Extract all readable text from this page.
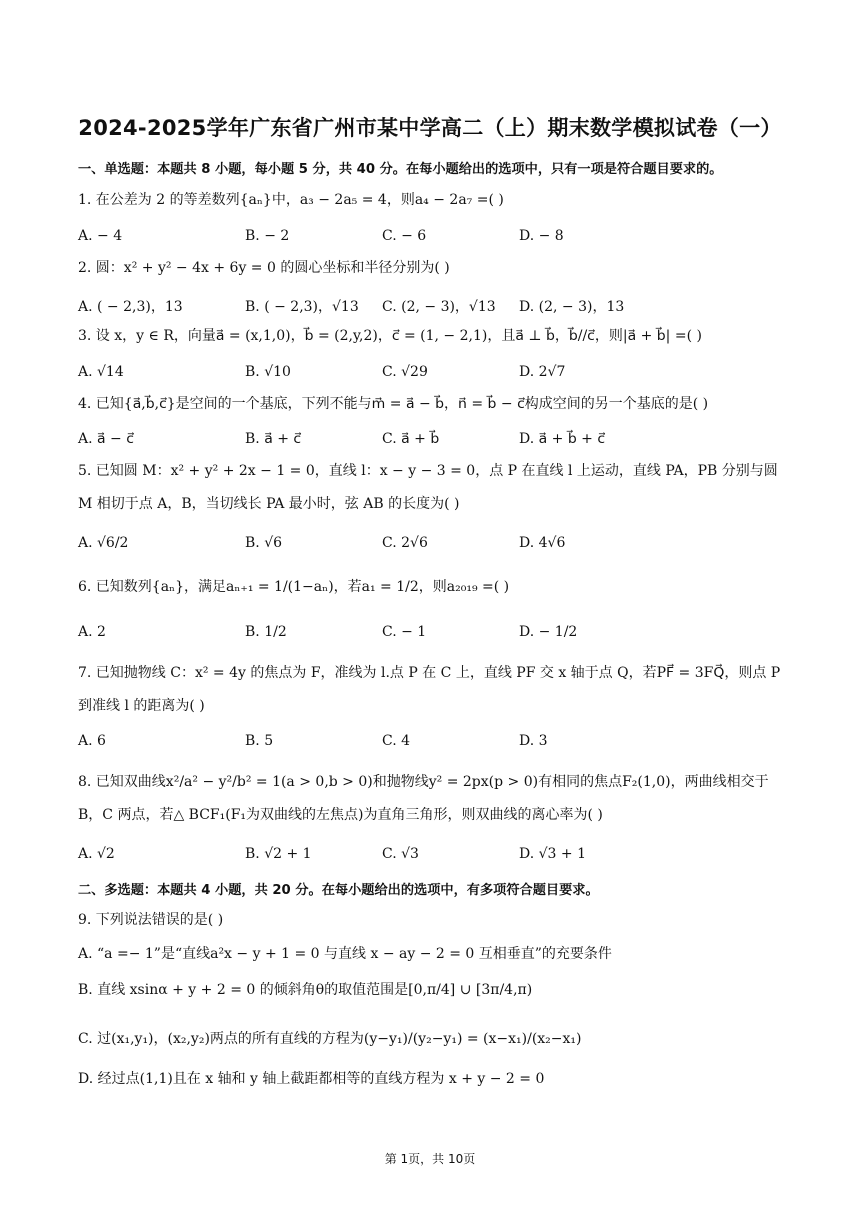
2024-2025学年广东省广州市某中学高二（上）期末数学模拟试卷（一）
一、单选题：本题共 8 小题，每小题 5 分，共 40 分。在每小题给出的选项中，只有一项是符合题目要求的。
1. 在公差为 2 的等差数列{aₙ}中，a₃ − 2a₅ = 4，则a₄ − 2a₇ =( )
A. − 4	B. − 2	C. − 6	D. − 8
2. 圆：x² + y² − 4x + 6y = 0 的圆心坐标和半径分别为( )
A. ( − 2,3)，13	B. ( − 2,3)，√13 C. (2, − 3)，√13 D. (2, − 3)，13
3. 设 x，y ∈ R，向量a⃗ = (x,1,0)，b⃗ = (2,y,2)，c⃗ = (1, − 2,1)，且a⃗ ⊥ b⃗，b⃗//c⃗，则|a⃗ + b⃗| =( )
A. √14	B. √10	C. √29	D. 2√7
4. 已知{a⃗,b⃗,c⃗}是空间的一个基底，下列不能与m⃗ = a⃗ − b⃗，n⃗ = b⃗ − c⃗构成空间的另一个基底的是( )
A. a⃗ − c⃗	B. a⃗ + c⃗	C. a⃗ + b⃗	D. a⃗ + b⃗ + c⃗
5. 已知圆 M：x² + y² + 2x − 1 = 0，直线 l：x − y − 3 = 0，点 P 在直线 l 上运动，直线 PA，PB 分别与圆 M 相切于点 A，B，当切线长 PA 最小时，弦 AB 的长度为( )
A. √6/2	B. √6	C. 2√6	D. 4√6
6. 已知数列{aₙ}，满足aₙ₊₁ = 1/(1−aₙ)，若a₁ = 1/2，则a₂₀₁₉ =( )
A. 2	B. 1/2	C. − 1	D. − 1/2
7. 已知抛物线 C：x² = 4y 的焦点为 F，准线为 l.点 P 在 C 上，直线 PF 交 x 轴于点 Q，若PF⃗ = 3FQ⃗，则点 P 到准线 l 的距离为( )
A. 6	B. 5	C. 4	D. 3
8. 已知双曲线x²/a² − y²/b² = 1(a > 0,b > 0)和抛物线y² = 2px(p > 0)有相同的焦点F₂(1,0)，两曲线相交于 B，C 两点，若△ BCF₁(F₁为双曲线的左焦点)为直角三角形，则双曲线的离心率为( )
A. √2	B. √2 + 1	C. √3	D. √3 + 1
二、多选题：本题共 4 小题，共 20 分。在每小题给出的选项中，有多项符合题目要求。
9. 下列说法错误的是( )
A. “a =− 1”是“直线a²x − y + 1 = 0 与直线 x − ay − 2 = 0 互相垂直”的充要条件
B. 直线 xsinα + y + 2 = 0 的倾斜角θ的取值范围是[0,π/4] ∪ [3π/4,π)
C. 过(x₁,y₁)，(x₂,y₂)两点的所有直线的方程为(y−y₁)/(y₂−y₁) = (x−x₁)/(x₂−x₁)
D. 经过点(1,1)且在 x 轴和 y 轴上截距都相等的直线方程为 x + y − 2 = 0
第 1页，共 10页
